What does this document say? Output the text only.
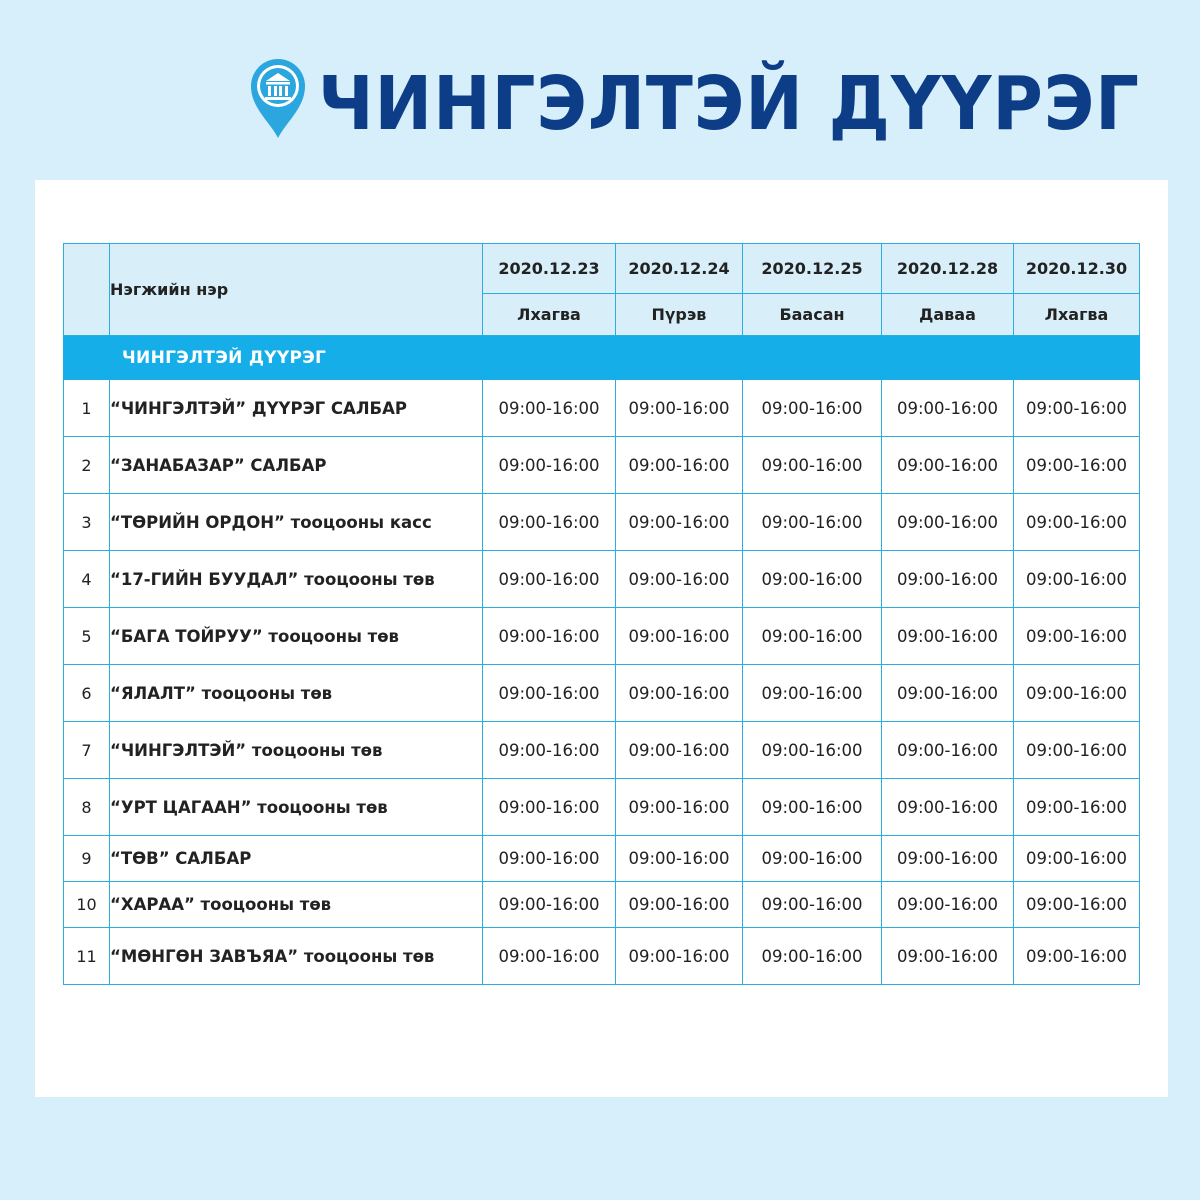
ЧИНГЭЛТЭЙ ДҮҮРЭГ
	Нэгжийн нэр	2020.12.23	2020.12.24	2020.12.25	2020.12.28	2020.12.30
		Лхагва	Пүрэв	Баасан	Даваа	Лхагва
	ЧИНГЭЛТЭЙ ДҮҮРЭГ					
1	“ЧИНГЭЛТЭЙ” ДҮҮРЭГ САЛБАР	09:00-16:00	09:00-16:00	09:00-16:00	09:00-16:00	09:00-16:00
2	“ЗАНАБАЗАР” САЛБАР	09:00-16:00	09:00-16:00	09:00-16:00	09:00-16:00	09:00-16:00
3	“ТӨРИЙН ОРДОН” тооцооны касс	09:00-16:00	09:00-16:00	09:00-16:00	09:00-16:00	09:00-16:00
4	“17-ГИЙН БУУДАЛ” тооцооны төв	09:00-16:00	09:00-16:00	09:00-16:00	09:00-16:00	09:00-16:00
5	“БАГА ТОЙРУУ” тооцооны төв	09:00-16:00	09:00-16:00	09:00-16:00	09:00-16:00	09:00-16:00
6	“ЯЛАЛТ” тооцооны төв	09:00-16:00	09:00-16:00	09:00-16:00	09:00-16:00	09:00-16:00
7	“ЧИНГЭЛТЭЙ” тооцооны төв	09:00-16:00	09:00-16:00	09:00-16:00	09:00-16:00	09:00-16:00
8	“УРТ ЦАГААН” тооцооны төв	09:00-16:00	09:00-16:00	09:00-16:00	09:00-16:00	09:00-16:00
9	“ТӨВ” САЛБАР	09:00-16:00	09:00-16:00	09:00-16:00	09:00-16:00	09:00-16:00
10	“ХАРАА” тооцооны төв	09:00-16:00	09:00-16:00	09:00-16:00	09:00-16:00	09:00-16:00
11	“МӨНГӨН ЗАВЪЯА” тооцооны төв	09:00-16:00	09:00-16:00	09:00-16:00	09:00-16:00	09:00-16:00
